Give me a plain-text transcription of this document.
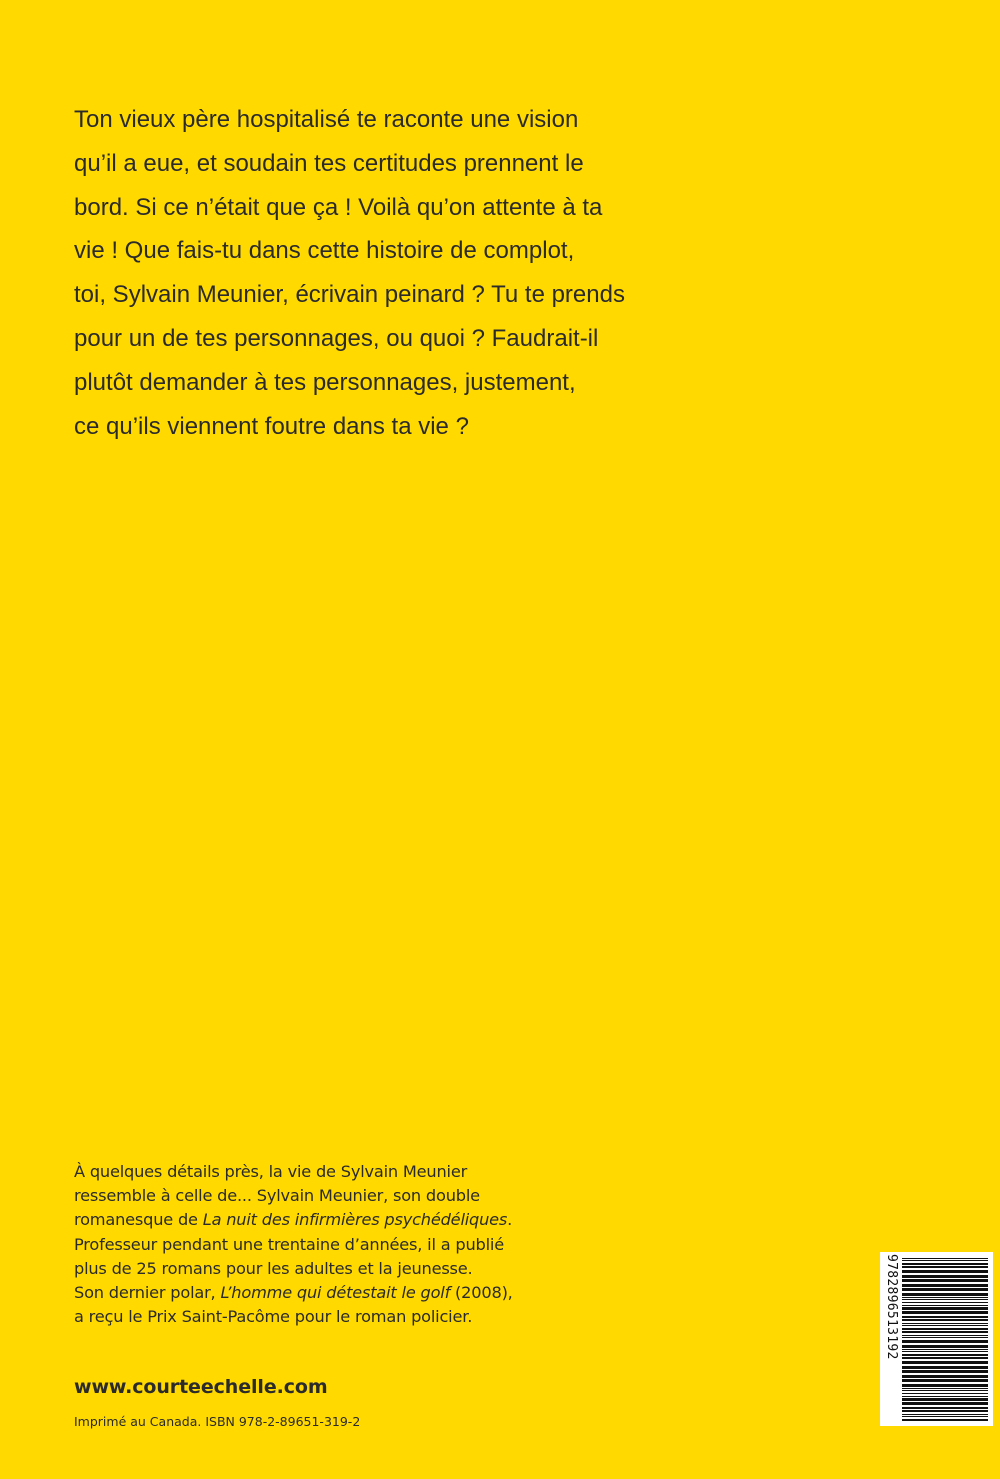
Ton vieux père hospitalisé te raconte une vision
qu’il a eue, et soudain tes certitudes prennent le
bord. Si ce n’était que ça ! Voilà qu’on attente à ta
vie ! Que fais-tu dans cette histoire de complot,
toi, Sylvain Meunier, écrivain peinard ? Tu te prends
pour un de tes personnages, ou quoi ? Faudrait-il
plutôt demander à tes personnages, justement,
ce qu’ils viennent foutre dans ta vie ?

À quelques détails près, la vie de Sylvain Meunier
ressemble à celle de... Sylvain Meunier, son double
romanesque de La nuit des infirmières psychédéliques.
Professeur pendant une trentaine d’années, il a publié
plus de 25 romans pour les adultes et la jeunesse.
Son dernier polar, L’homme qui détestait le golf (2008),
a reçu le Prix Saint-Pacôme pour le roman policier.
www.courteechelle.com
Imprimé au Canada. ISBN 978-2-89651-319-2
9782896513192
